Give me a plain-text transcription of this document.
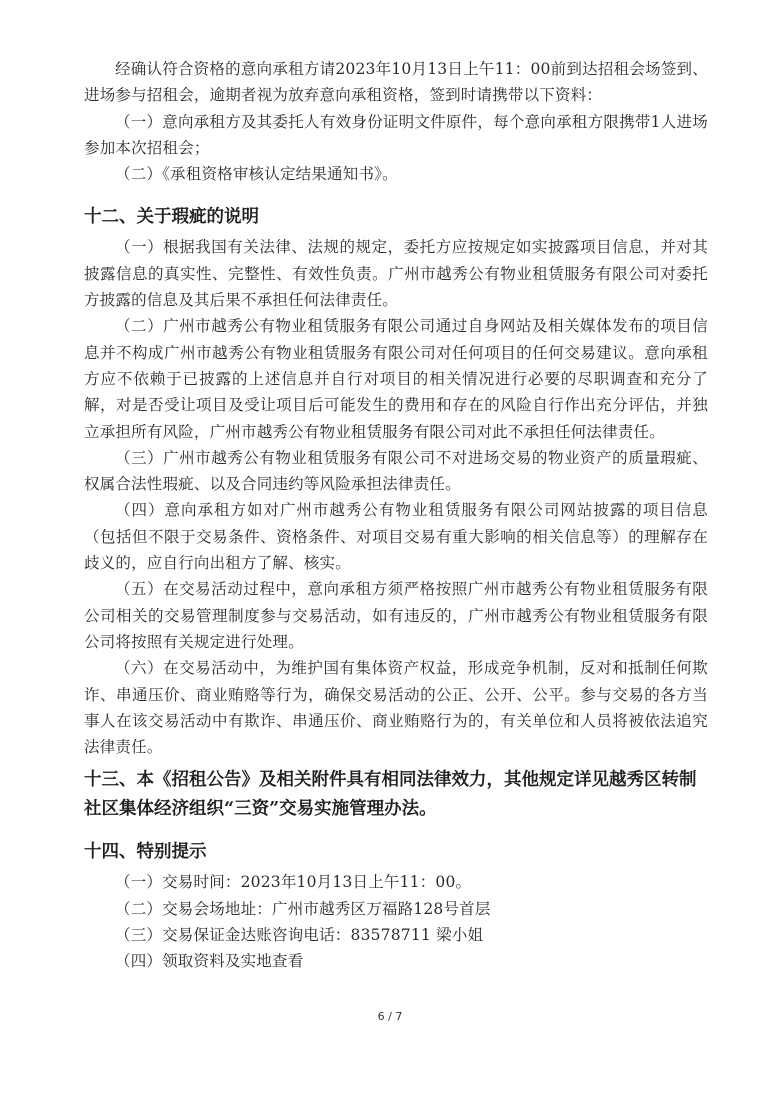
经确认符合资格的意向承租方请2023年10月13日上午11：00前到达招租会场签到、进场参与招租会，逾期者视为放弃意向承租资格，签到时请携带以下资料：

（一）意向承租方及其委托人有效身份证明文件原件，每个意向承租方限携带1人进场参加本次招租会；

（二）《承租资格审核认定结果通知书》。

十二、关于瑕疵的说明

（一）根据我国有关法律、法规的规定，委托方应按规定如实披露项目信息，并对其披露信息的真实性、完整性、有效性负责。广州市越秀公有物业租赁服务有限公司对委托方披露的信息及其后果不承担任何法律责任。

（二）广州市越秀公有物业租赁服务有限公司通过自身网站及相关媒体发布的项目信息并不构成广州市越秀公有物业租赁服务有限公司对任何项目的任何交易建议。意向承租方应不依赖于已披露的上述信息并自行对项目的相关情况进行必要的尽职调查和充分了解，对是否受让项目及受让项目后可能发生的费用和存在的风险自行作出充分评估，并独立承担所有风险，广州市越秀公有物业租赁服务有限公司对此不承担任何法律责任。

（三）广州市越秀公有物业租赁服务有限公司不对进场交易的物业资产的质量瑕疵、权属合法性瑕疵、以及合同违约等风险承担法律责任。

（四）意向承租方如对广州市越秀公有物业租赁服务有限公司网站披露的项目信息（包括但不限于交易条件、资格条件、对项目交易有重大影响的相关信息等）的理解存在歧义的，应自行向出租方了解、核实。

（五）在交易活动过程中，意向承租方须严格按照广州市越秀公有物业租赁服务有限公司相关的交易管理制度参与交易活动，如有违反的，广州市越秀公有物业租赁服务有限公司将按照有关规定进行处理。

（六）在交易活动中，为维护国有集体资产权益，形成竞争机制，反对和抵制任何欺诈、串通压价、商业贿赂等行为，确保交易活动的公正、公开、公平。参与交易的各方当事人在该交易活动中有欺诈、串通压价、商业贿赂行为的，有关单位和人员将被依法追究法律责任。

十三、本《招租公告》及相关附件具有相同法律效力，其他规定详见越秀区转制社区集体经济组织“三资”交易实施管理办法。
十四、特别提示

（一）交易时间：2023年10月13日上午11：00。

（二）交易会场地址：广州市越秀区万福路128号首层

（三）交易保证金达账咨询电话：83578711 梁小姐

（四）领取资料及实地查看

6 / 7
